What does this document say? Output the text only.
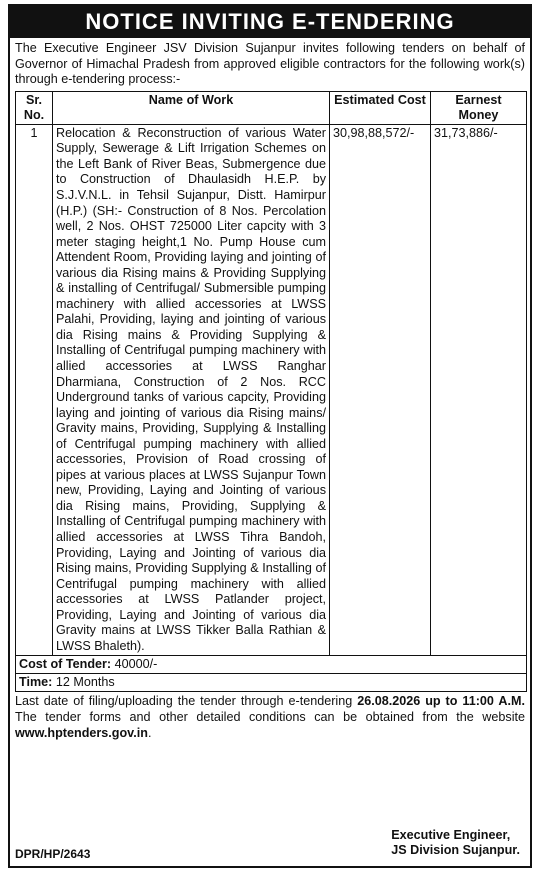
NOTICE INVITING E-TENDERING
The Executive Engineer JSV Division Sujanpur invites following tenders on behalf of Governor of Himachal Pradesh from approved eligible contractors for the following work(s) through e-tendering process:-
Sr. No.	Name of Work	Estimated Cost	Earnest Money
1	Relocation & Reconstruction of various Water Supply, Sewerage & Lift Irrigation Schemes on the Left Bank of River Beas, Submergence due to Construction of Dhaulasidh H.E.P. by S.J.V.N.L. in Tehsil Sujanpur, Distt. Hamirpur (H.P.) (SH:- Construction of 8 Nos. Percolation well, 2 Nos. OHST 725000 Liter capcity with 3 meter staging height,1 No. Pump House cum Attendent Room, Providing laying and jointing of various dia Rising mains & Providing Supplying & installing of Centrifugal/ Submersible pumping machinery with allied accessories at LWSS Palahi, Providing, laying and jointing of various dia Rising mains & Providing Supplying & Installing of Centrifugal pumping machinery with allied accessories at LWSS Ranghar Dharmiana, Construction of 2 Nos. RCC Underground tanks of various capcity, Providing laying and jointing of various dia Rising mains/ Gravity mains, Providing, Supplying & Installing of Centrifugal pumping machinery with allied accessories, Provision of Road crossing of pipes at various places at LWSS Sujanpur Town new, Providing, Laying and Jointing of various dia Rising mains, Providing, Supplying & Installing of Centrifugal pumping machinery with allied accessories at LWSS Tihra Bandoh, Providing, Laying and Jointing of various dia Rising mains, Providing Supplying & Installing of Centrifugal pumping machinery with allied accessories at LWSS Patlander project, Providing, Laying and Jointing of various dia Gravity mains at LWSS Tikker Balla Rathian & LWSS Bhaleth).	30,98,88,572/-	31,73,886/-
Cost of Tender: 40000/-			
Time: 12 Months			
Last date of filing/uploading the tender through e-tendering 26.08.2026 up to 11:00 A.M. The tender forms and other detailed conditions can be obtained from the website www.hptenders.gov.in.
Executive Engineer,
JS Division Sujanpur.
DPR/HP/2643
